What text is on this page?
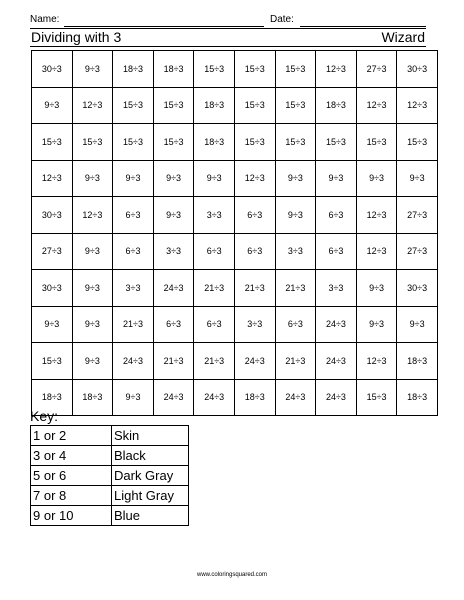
Name:	Date:
Dividing with 3	Wizard
30÷3	9÷3	18÷3	18÷3	15÷3	15÷3	15÷3	12÷3	27÷3	30÷3
9÷3	12÷3	15÷3	15÷3	18÷3	15÷3	15÷3	18÷3	12÷3	12÷3
15÷3	15÷3	15÷3	15÷3	18÷3	15÷3	15÷3	15÷3	15÷3	15÷3
12÷3	9÷3	9÷3	9÷3	9÷3	12÷3	9÷3	9÷3	9÷3	9÷3
30÷3	12÷3	6÷3	9÷3	3÷3	6÷3	9÷3	6÷3	12÷3	27÷3
27÷3	9÷3	6÷3	3÷3	6÷3	6÷3	3÷3	6÷3	12÷3	27÷3
30÷3	9÷3	3÷3	24÷3	21÷3	21÷3	21÷3	3÷3	9÷3	30÷3
9÷3	9÷3	21÷3	6÷3	6÷3	3÷3	6÷3	24÷3	9÷3	9÷3
15÷3	9÷3	24÷3	21÷3	21÷3	24÷3	21÷3	24÷3	12÷3	18÷3
18÷3	18÷3	9÷3	24÷3	24÷3	18÷3	24÷3	24÷3	15÷3	18÷3
Key:
1 or 2	Skin
3 or 4	Black
5 or 6	Dark Gray
7 or 8	Light Gray
9 or 10	Blue
www.coloringsquared.com
